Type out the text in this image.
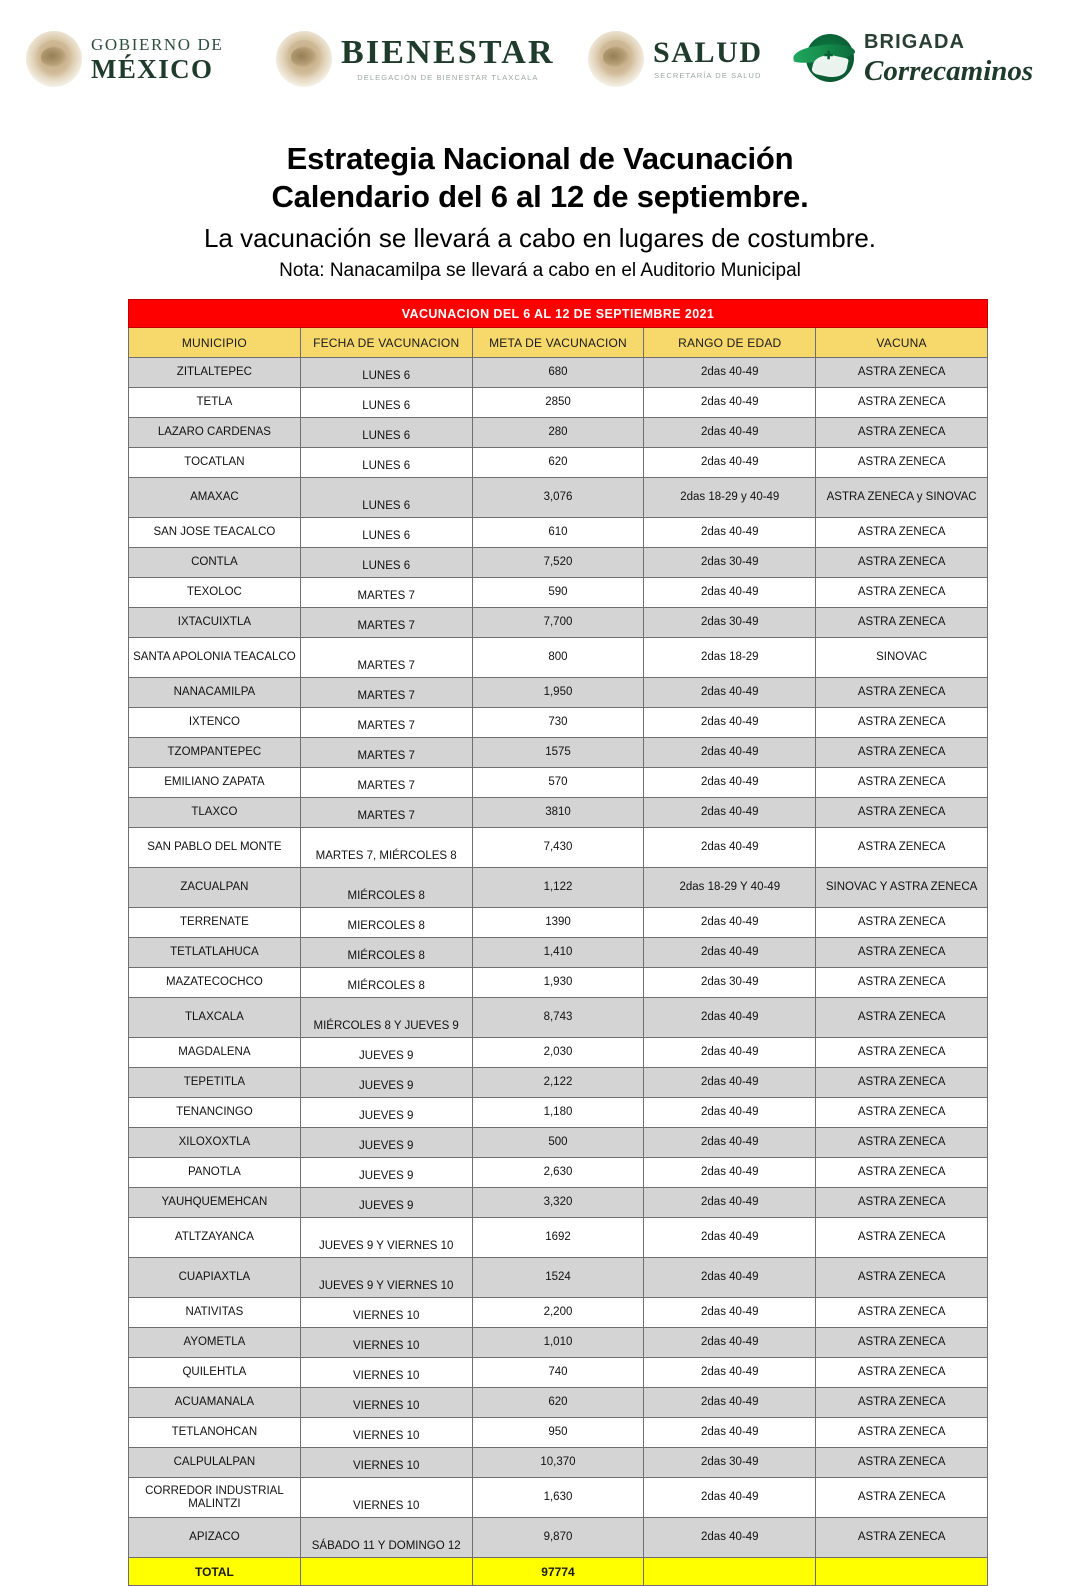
GOBIERNO DE
MÉXICO	BIENESTAR
DELEGACIÓN DE BIENESTAR TLAXCALA
SALUD
SECRETARÍA DE SALUD
✚
BRIGADA
Correcaminos
Estrategia Nacional de Vacunación
Calendario del 6 al 12 de septiembre.
La vacunación se llevará a cabo en lugares de costumbre.
Nota: Nanacamilpa se llevará a cabo en el Auditorio Municipal
VACUNACION DEL 6 AL 12 DE SEPTIEMBRE 2021				
MUNICIPIO	FECHA DE VACUNACION	META DE VACUNACION	RANGO DE EDAD	VACUNA
ZITLALTEPEC	LUNES 6	680	2das 40-49	ASTRA ZENECA
TETLA	LUNES 6	2850	2das 40-49	ASTRA ZENECA
LAZARO CARDENAS	LUNES 6	280	2das 40-49	ASTRA ZENECA
TOCATLAN	LUNES 6	620	2das 40-49	ASTRA ZENECA
AMAXAC	LUNES 6	3,076	2das 18-29 y 40-49	ASTRA ZENECA y SINOVAC
SAN JOSE TEACALCO	LUNES 6	610	2das 40-49	ASTRA ZENECA
CONTLA	LUNES 6	7,520	2das 30-49	ASTRA ZENECA
TEXOLOC	MARTES 7	590	2das 40-49	ASTRA ZENECA
IXTACUIXTLA	MARTES 7	7,700	2das 30-49	ASTRA ZENECA
SANTA APOLONIA TEACALCO	MARTES 7	800	2das 18-29	SINOVAC
NANACAMILPA	MARTES 7	1,950	2das 40-49	ASTRA ZENECA
IXTENCO	MARTES 7	730	2das 40-49	ASTRA ZENECA
TZOMPANTEPEC	MARTES 7	1575	2das 40-49	ASTRA ZENECA
EMILIANO ZAPATA	MARTES 7	570	2das 40-49	ASTRA ZENECA
TLAXCO	MARTES 7	3810	2das 40-49	ASTRA ZENECA
SAN PABLO DEL MONTE	MARTES 7, MIÉRCOLES 8	7,430	2das 40-49	ASTRA ZENECA
ZACUALPAN	MIÉRCOLES 8	1,122	2das 18-29 Y 40-49	SINOVAC Y ASTRA ZENECA
TERRENATE	MIERCOLES 8	1390	2das 40-49	ASTRA ZENECA
TETLATLAHUCA	MIÉRCOLES 8	1,410	2das 40-49	ASTRA ZENECA
MAZATECOCHCO	MIÉRCOLES 8	1,930	2das 30-49	ASTRA ZENECA
TLAXCALA	MIÉRCOLES 8 Y JUEVES 9	8,743	2das 40-49	ASTRA ZENECA
MAGDALENA	JUEVES 9	2,030	2das 40-49	ASTRA ZENECA
TEPETITLA	JUEVES 9	2,122	2das 40-49	ASTRA ZENECA
TENANCINGO	JUEVES 9	1,180	2das 40-49	ASTRA ZENECA
XILOXOXTLA	JUEVES 9	500	2das 40-49	ASTRA ZENECA
PANOTLA	JUEVES 9	2,630	2das 40-49	ASTRA ZENECA
YAUHQUEMEHCAN	JUEVES 9	3,320	2das 40-49	ASTRA ZENECA
ATLTZAYANCA	JUEVES 9 Y VIERNES 10	1692	2das 40-49	ASTRA ZENECA
CUAPIAXTLA	JUEVES 9 Y VIERNES 10	1524	2das 40-49	ASTRA ZENECA
NATIVITAS	VIERNES 10	2,200	2das 40-49	ASTRA ZENECA
AYOMETLA	VIERNES 10	1,010	2das 40-49	ASTRA ZENECA
QUILEHTLA	VIERNES 10	740	2das 40-49	ASTRA ZENECA
ACUAMANALA	VIERNES 10	620	2das 40-49	ASTRA ZENECA
TETLANOHCAN	VIERNES 10	950	2das 40-49	ASTRA ZENECA
CALPULALPAN	VIERNES 10	10,370	2das 30-49	ASTRA ZENECA
CORREDOR INDUSTRIAL MALINTZI	VIERNES 10	1,630	2das 40-49	ASTRA ZENECA
APIZACO	SÁBADO 11 Y DOMINGO 12	9,870	2das 40-49	ASTRA ZENECA
TOTAL		97774		
